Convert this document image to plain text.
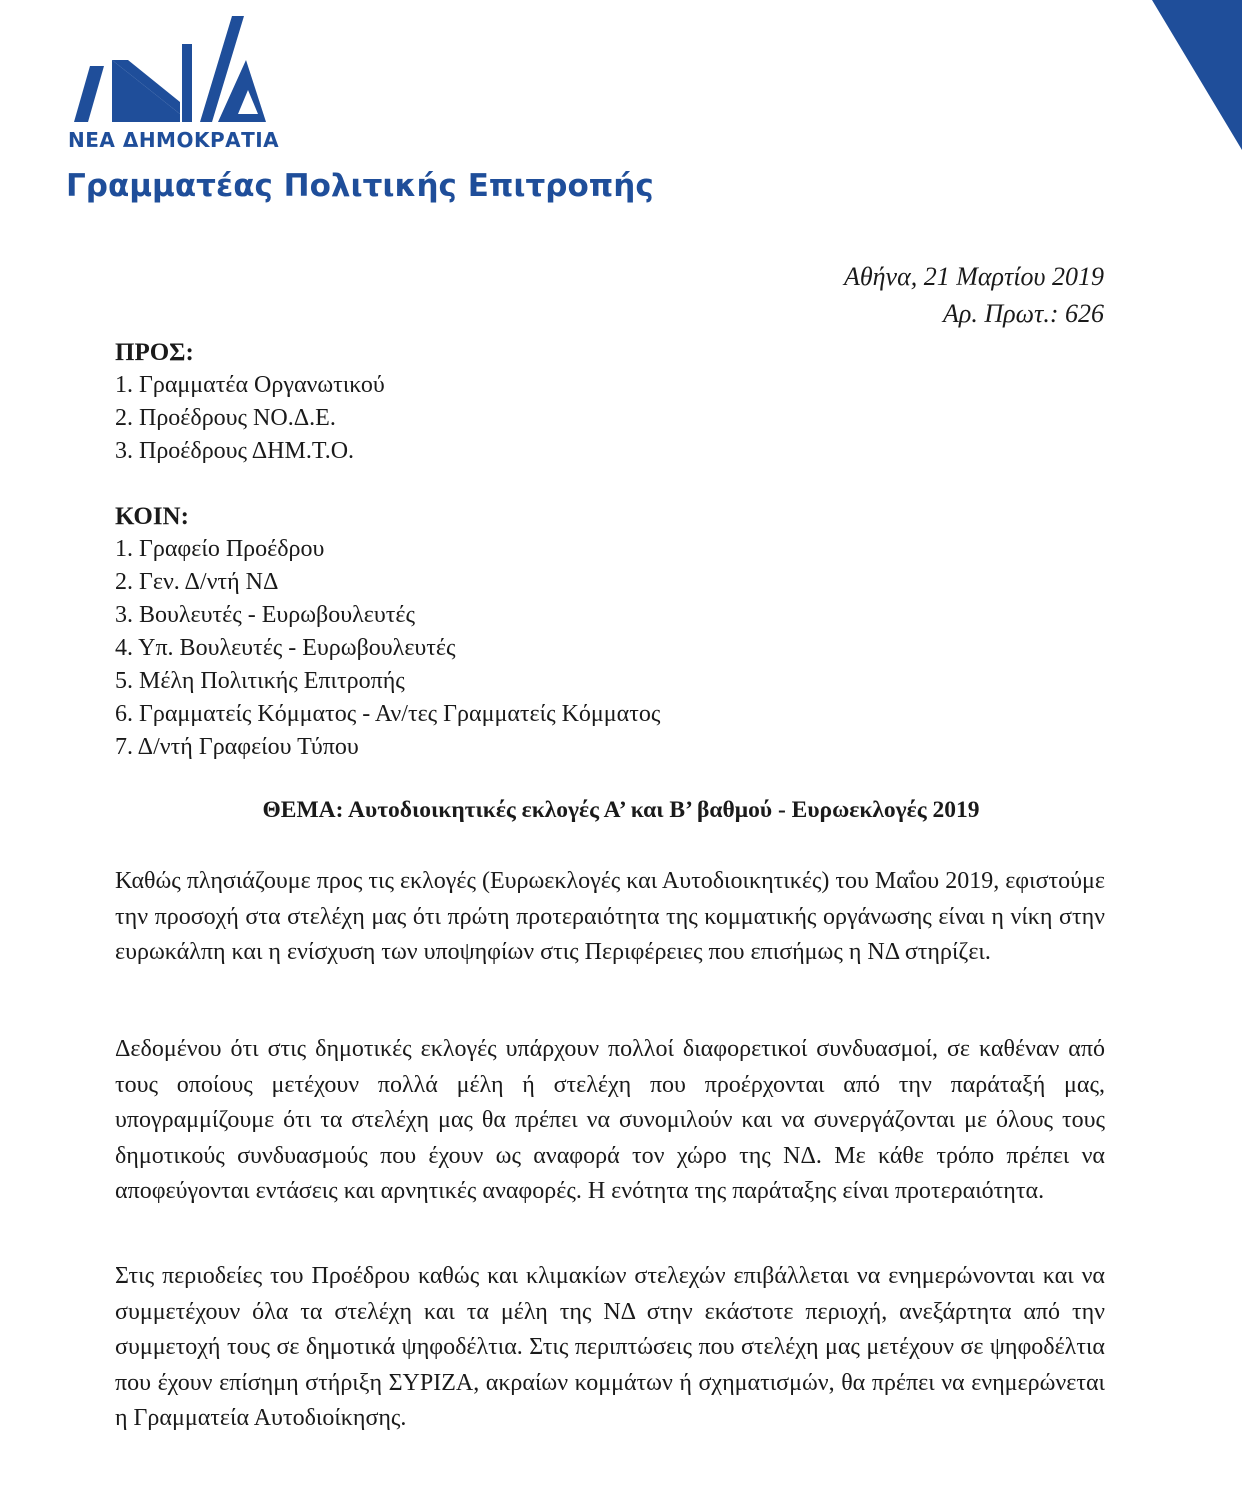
ΝΕΑ ΔΗΜΟΚΡΑΤΙΑ
Γραμματέας Πολιτικής Επιτροπής
Αθήνα, 21 Μαρτίου 2019
Αρ. Πρωτ.: 626
ΠΡΟΣ:
1. Γραμματέα Οργανωτικού
2. Προέδρους ΝΟ.Δ.Ε.
3. Προέδρους ΔΗΜ.Τ.Ο.
ΚΟΙΝ:
1. Γραφείο Προέδρου
2. Γεν. Δ/ντή ΝΔ
3. Βουλευτές - Ευρωβουλευτές
4. Υπ. Βουλευτές - Ευρωβουλευτές
5. Μέλη Πολιτικής Επιτροπής
6. Γραμματείς Κόμματος - Αν/τες Γραμματείς Κόμματος
7. Δ/ντή Γραφείου Τύπου
ΘΕΜΑ: Αυτοδιοικητικές εκλογές Α’ και Β’ βαθμού - Ευρωεκλογές 2019

Καθώς πλησιάζουμε προς τις εκλογές (Ευρωεκλογές και Αυτοδιοικητικές) του Μαΐου 2019, εφιστούμε την προσοχή στα στελέχη μας ότι πρώτη προτεραιότητα της κομματικής οργάνωσης είναι η νίκη στην ευρωκάλπη και η ενίσχυση των υποψηφίων στις Περιφέρειες που επισήμως η ΝΔ στηρίζει.

Δεδομένου ότι στις δημοτικές εκλογές υπάρχουν πολλοί διαφορετικοί συνδυασμοί, σε καθέναν από τους οποίους μετέχουν πολλά μέλη ή στελέχη που προέρχονται από την παράταξή μας, υπογραμμίζουμε ότι τα στελέχη μας θα πρέπει να συνομιλούν και να συνεργάζονται με όλους τους δημοτικούς συνδυασμούς που έχουν ως αναφορά τον χώρο της ΝΔ. Με κάθε τρόπο πρέπει να αποφεύγονται εντάσεις και αρνητικές αναφορές. Η ενότητα της παράταξης είναι προτεραιότητα.

Στις περιοδείες του Προέδρου καθώς και κλιμακίων στελεχών επιβάλλεται να ενημερώνονται και να συμμετέχουν όλα τα στελέχη και τα μέλη της ΝΔ στην εκάστοτε περιοχή, ανεξάρτητα από την συμμετοχή τους σε δημοτικά ψηφοδέλτια. Στις περιπτώσεις που στελέχη μας μετέχουν σε ψηφοδέλτια που έχουν επίσημη στήριξη ΣΥΡΙΖΑ, ακραίων κομμάτων ή σχηματισμών, θα πρέπει να ενημερώνεται η Γραμματεία Αυτοδιοίκησης.
